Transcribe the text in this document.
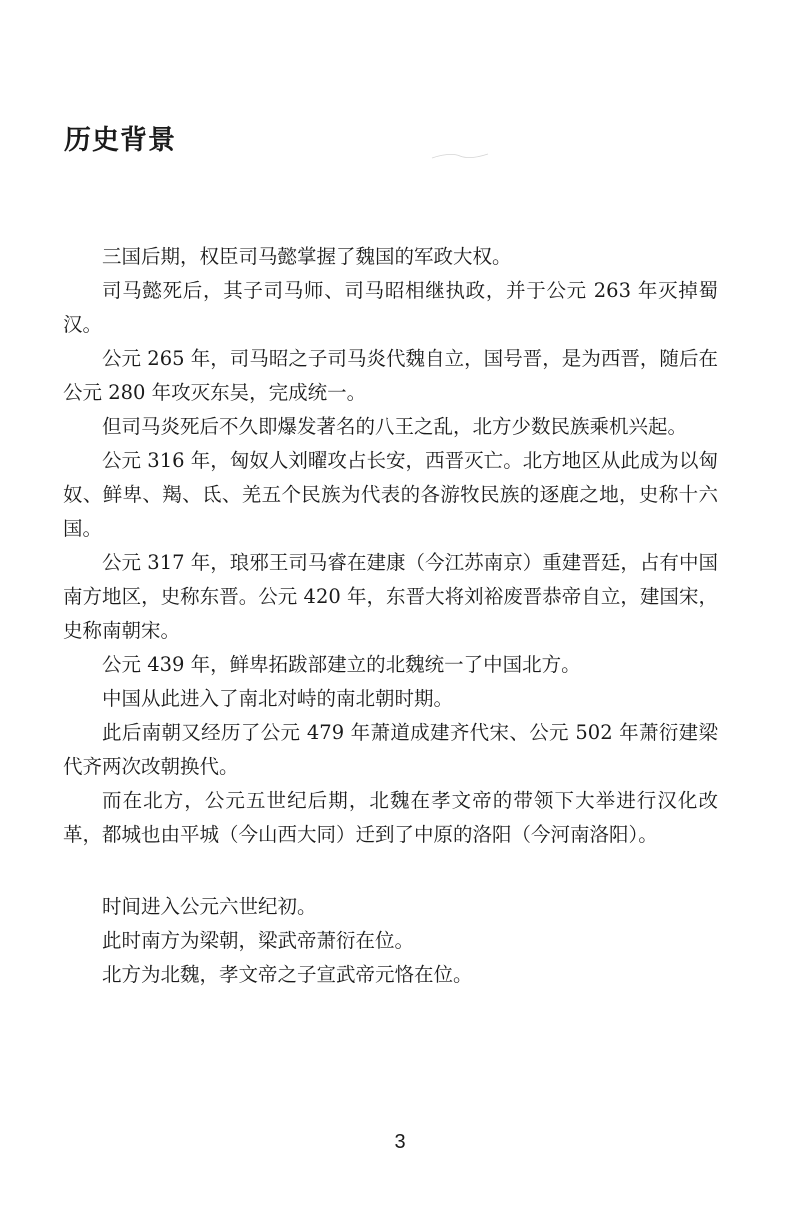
历史背景

三国后期，权臣司马懿掌握了魏国的军政大权。

司马懿死后，其子司马师、司马昭相继执政，并于公元 263 年灭掉蜀汉。

公元 265 年，司马昭之子司马炎代魏自立，国号晋，是为西晋，随后在公元 280 年攻灭东吴，完成统一。

但司马炎死后不久即爆发著名的八王之乱，北方少数民族乘机兴起。

公元 316 年，匈奴人刘曜攻占长安，西晋灭亡。北方地区从此成为以匈奴、鲜卑、羯、氐、羌五个民族为代表的各游牧民族的逐鹿之地，史称十六国。

公元 317 年，琅邪王司马睿在建康（今江苏南京）重建晋廷，占有中国南方地区，史称东晋。公元 420 年，东晋大将刘裕废晋恭帝自立，建国宋，史称南朝宋。

公元 439 年，鲜卑拓跋部建立的北魏统一了中国北方。

中国从此进入了南北对峙的南北朝时期。

此后南朝又经历了公元 479 年萧道成建齐代宋、公元 502 年萧衍建梁代齐两次改朝换代。

而在北方，公元五世纪后期，北魏在孝文帝的带领下大举进行汉化改革，都城也由平城（今山西大同）迁到了中原的洛阳（今河南洛阳）。

时间进入公元六世纪初。

此时南方为梁朝，梁武帝萧衍在位。

北方为北魏，孝文帝之子宣武帝元恪在位。

3
